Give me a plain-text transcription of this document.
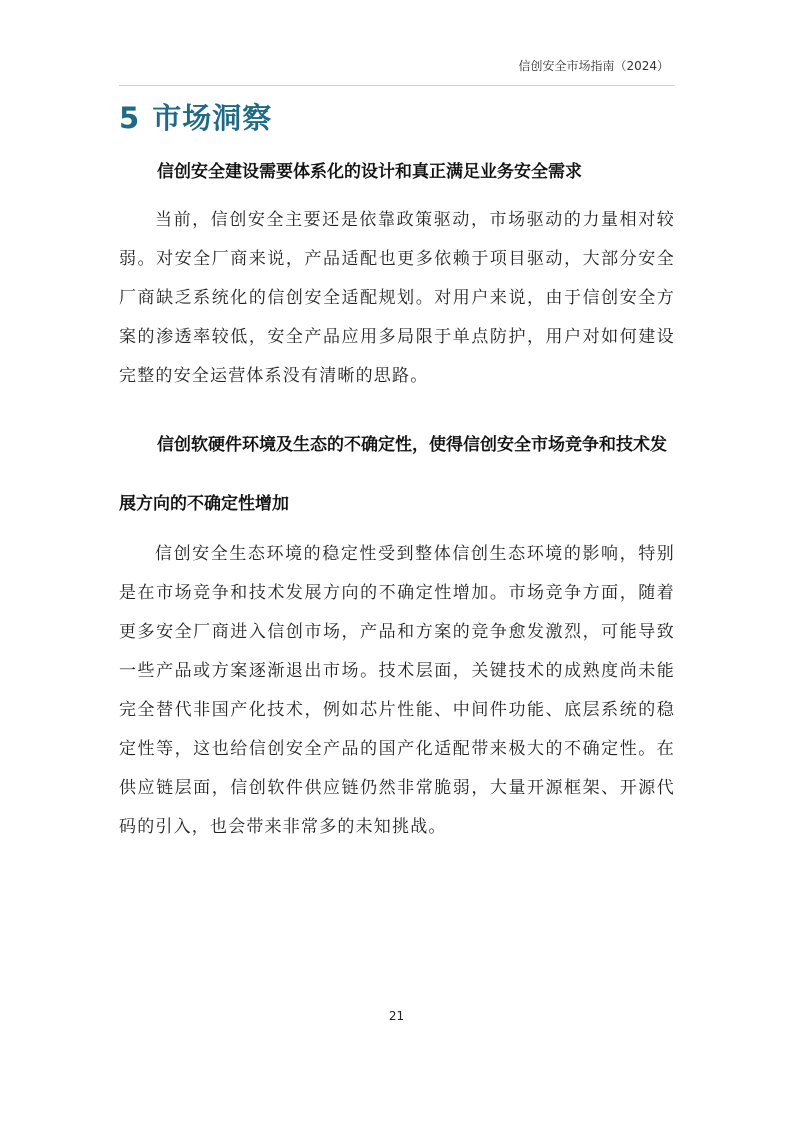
信创安全市场指南（2024）
5 市场洞察
信创安全建设需要体系化的设计和真正满足业务安全需求
当前，信创安全主要还是依靠政策驱动，市场驱动的力量相对较弱。对安全厂商来说，产品适配也更多依赖于项目驱动，大部分安全厂商缺乏系统化的信创安全适配规划。对用户来说，由于信创安全方案的渗透率较低，安全产品应用多局限于单点防护，用户对如何建设完整的安全运营体系没有清晰的思路。
信创软硬件环境及生态的不确定性，使得信创安全市场竞争和技术发展方向的不确定性增加
信创安全生态环境的稳定性受到整体信创生态环境的影响，特别是在市场竞争和技术发展方向的不确定性增加。市场竞争方面，随着更多安全厂商进入信创市场，产品和方案的竞争愈发激烈，可能导致一些产品或方案逐渐退出市场。技术层面，关键技术的成熟度尚未能完全替代非国产化技术，例如芯片性能、中间件功能、底层系统的稳定性等，这也给信创安全产品的国产化适配带来极大的不确定性。在供应链层面，信创软件供应链仍然非常脆弱，大量开源框架、开源代码的引入，也会带来非常多的未知挑战。
21
